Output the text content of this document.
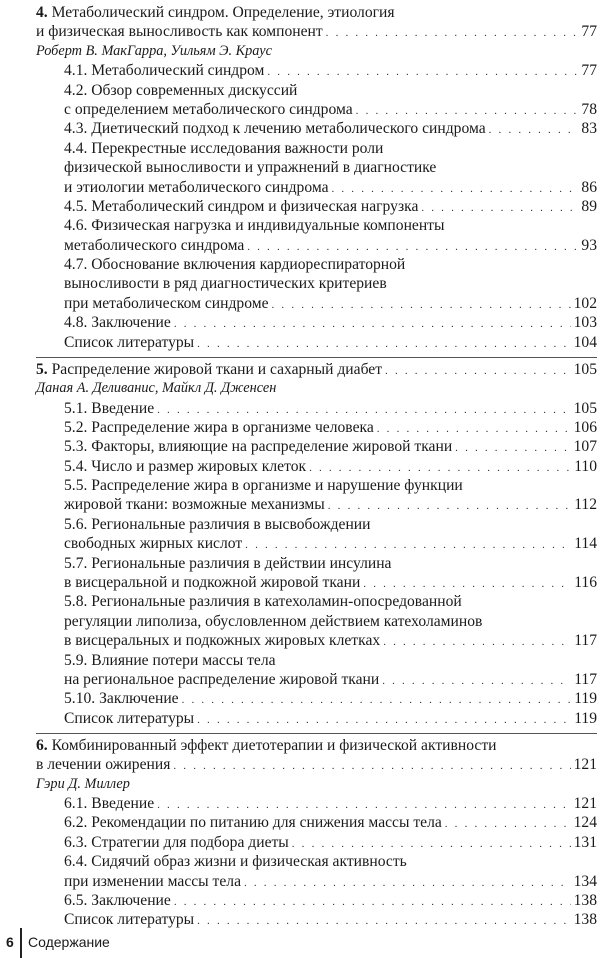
4. Метаболический синдром. Определение, этиология
и физическая выносливость как компонент . . .	77
Роберт В. МакГарра, Уильям Э. Краус
4.1. Метаболический синдром . . .	77
4.2. Обзор современных дискуссий
с определением метаболического синдрома . . .	78
4.3. Диетический подход к лечению метаболического синдрома . . .	83
4.4. Перекрестные исследования важности роли
физической выносливости и упражнений в диагностике
и этиологии метаболического синдрома . . .	86
4.5. Метаболический синдром и физическая нагрузка . . .	89
4.6. Физическая нагрузка и индивидуальные компоненты
метаболического синдрома . . .	93
4.7. Обоснование включения кардиореспираторной
выносливости в ряд диагностических критериев
при метаболическом синдроме . . .	102
4.8. Заключение . . .	103
Список литературы . . .	104
5. Распределение жировой ткани и сахарный диабет . . .	105
Даная А. Деливанис, Майкл Д. Дженсен
5.1. Введение . . .	105
5.2. Распределение жира в организме человека . . .	106
5.3. Факторы, влияющие на распределение жировой ткани . . .	107
5.4. Число и размер жировых клеток . . .	110
5.5. Распределение жира в организме и нарушение функции
жировой ткани: возможные механизмы . . .	112
5.6. Региональные различия в высвобождении
свободных жирных кислот . . .	114
5.7. Региональные различия в действии инсулина
в висцеральной и подкожной жировой ткани . . .	116
5.8. Региональные различия в катехоламин-опосредованной
регуляции липолиза, обусловленном действием катехоламинов
в висцеральных и подкожных жировых клетках . . .	117
5.9. Влияние потери массы тела
на региональное распределение жировой ткани . . .	117
5.10. Заключение . . .	119
Список литературы . . .	119
6. Комбинированный эффект диетотерапии и физической активности
в лечении ожирения . . .	121
Гэри Д. Миллер
6.1. Введение . . .	121
6.2. Рекомендации по питанию для снижения массы тела . . .	124
6.3. Стратегии для подбора диеты . . .	131
6.4. Сидячий образ жизни и физическая активность
при изменении массы тела . . .	134
6.5. Заключение . . .	138
Список литературы . . .	138
6 Содержание
